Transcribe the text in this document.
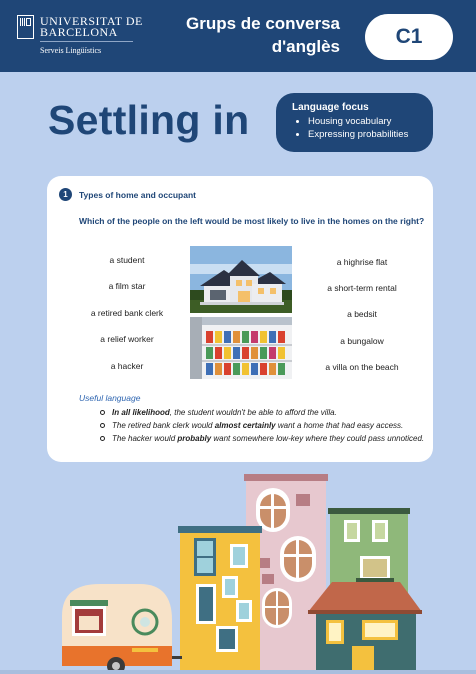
UNIVERSITAT DE
BARCELONA
Serveis Lingüístics
Grups de conversa
d'anglès	C1
Settling in	Language focus
• Housing vocabulary
• Expressing probabilities
1	Types of home and occupant
Which of the people on the left would be most likely to live in the homes on the right?
a student
a film star
a retired bank clerk
a relief worker
a hacker
a highrise flat
a short-term rental
a bedsit
a bungalow
a villa on the beach
Useful language
In all likelihood, the student wouldn't be able to afford the villa.
The retired bank clerk would almost certainly want a home that had easy access.
The hacker would probably want somewhere low-key where they could pass unnoticed.
